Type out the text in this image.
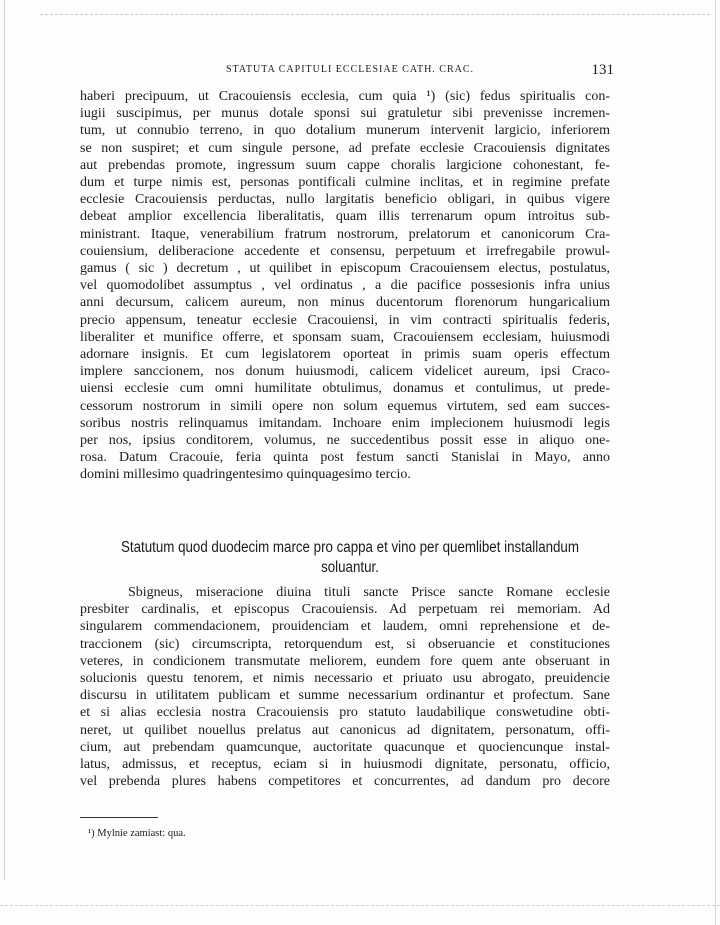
STATUTA CAPITULI ECCLESIAE CATH. CRAC.	131
haberi precipuum, ut Cracouiensis ecclesia, cum quia ¹) (sic) fedus spiritualis con-
iugii suscipimus, per munus dotale sponsi sui gratuletur sibi prevenisse incremen-
tum, ut connubio terreno, in quo dotalium munerum intervenit largicio, inferiorem
se non suspiret; et cum singule persone, ad prefate ecclesie Cracouiensis dignitates
aut prebendas promote, ingressum suum cappe choralis largicione cohonestant, fe-
dum et turpe nimis est, personas pontificali culmine inclitas, et in regimine prefate
ecclesie Cracouiensis perductas, nullo largitatis beneficio obligari, in quibus vigere
debeat amplior excellencia liberalitatis, quam illis terrenarum opum introitus sub-
ministrant. Itaque, venerabilium fratrum nostrorum, prelatorum et canonicorum Cra-
couiensium, deliberacione accedente et consensu, perpetuum et irrefregabile prowul-
gamus ( sic ) decretum , ut quilibet in episcopum Cracouiensem electus, postulatus,
vel quomodolibet assumptus , vel ordinatus , a die pacifice possesionis infra unius
anni decursum, calicem aureum, non minus ducentorum florenorum hungaricalium
precio appensum, teneatur ecclesie Cracouiensi, in vim contracti spiritualis federis,
liberaliter et munifice offerre, et sponsam suam, Cracouiensem ecclesiam, huiusmodi
adornare insignis. Et cum legislatorem oporteat in primis suam operis effectum
implere sanccionem, nos donum huiusmodi, calicem videlicet aureum, ipsi Craco-
uiensi ecclesie cum omni humilitate obtulimus, donamus et contulimus, ut prede-
cessorum nostrorum in simili opere non solum equemus virtutem, sed eam succes-
soribus nostris relinquamus imitandam. Inchoare enim implecionem huiusmodi legis
per nos, ipsius conditorem, volumus, ne succedentibus possit esse in aliquo one-
rosa. Datum Cracouie, feria quinta post festum sancti Stanislai in Mayo, anno
domini millesimo quadringentesimo quinquagesimo tercio.
Statutum quod duodecim marce pro cappa et vino per quemlibet installandum
soluantur.
Sbigneus, miseracione diuina tituli sancte Prisce sancte Romane ecclesie
presbiter cardinalis, et episcopus Cracouiensis. Ad perpetuam rei memoriam. Ad
singularem commendacionem, prouidenciam et laudem, omni reprehensione et de-
traccionem (sic) circumscripta, retorquendum est, si obseruancie et constituciones
veteres, in condicionem transmutate meliorem, eundem fore quem ante obseruant in
solucionis questu tenorem, et nimis necessario et priuato usu abrogato, preuidencie
discursu in utilitatem publicam et summe necessarium ordinantur et profectum. Sane
et si alias ecclesia nostra Cracouiensis pro statuto laudabilique conswetudine obti-
neret, ut quilibet nouellus prelatus aut canonicus ad dignitatem, personatum, offi-
cium, aut prebendam quamcunque, auctoritate quacunque et quociencunque instal-
latus, admissus, et receptus, eciam si in huiusmodi dignitate, personatu, officio,
vel prebenda plures habens competitores et concurrentes, ad dandum pro decore
¹) Mylnie zamiast: qua.
